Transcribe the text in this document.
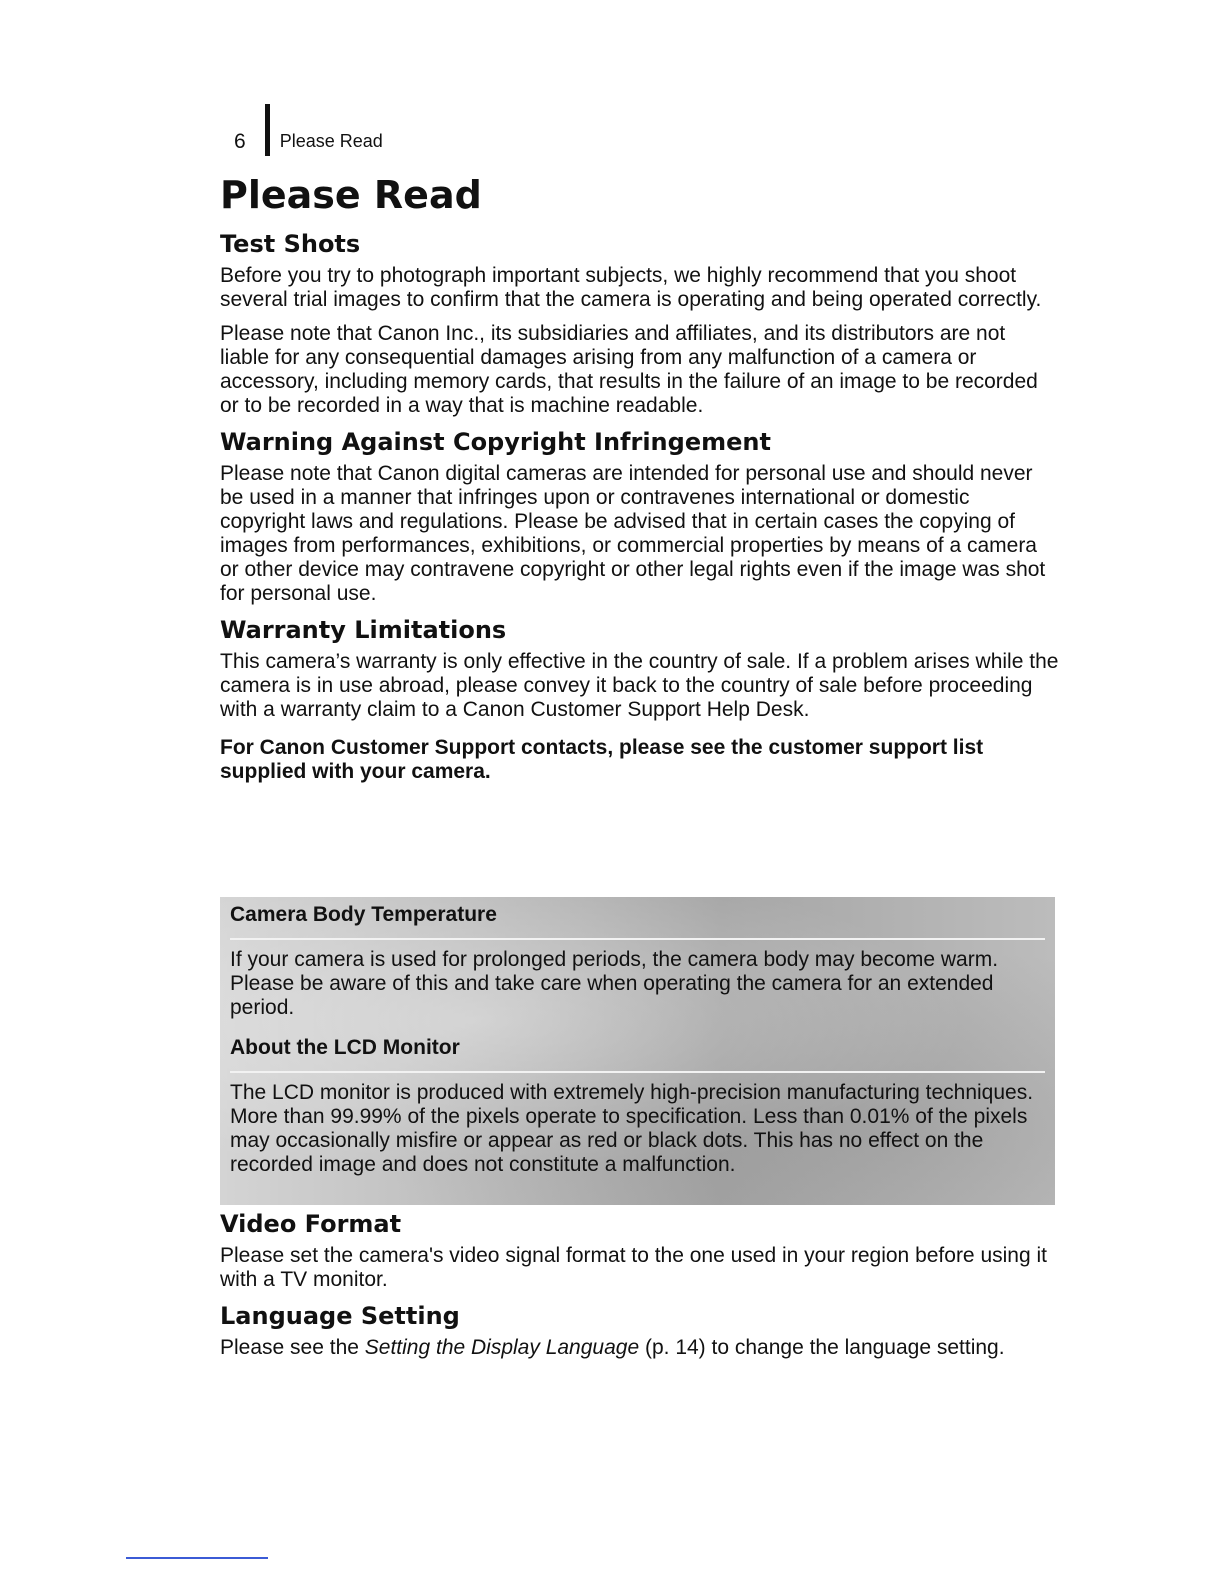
6 Please Read
Please Read
Test Shots

Before you try to photograph important subjects, we highly recommend that you shoot several trial images to confirm that the camera is operating and being operated correctly.

Please note that Canon Inc., its subsidiaries and affiliates, and its distributors are not liable for any consequential damages arising from any malfunction of a camera or accessory, including memory cards, that results in the failure of an image to be recorded or to be recorded in a way that is machine readable.

Warning Against Copyright Infringement

Please note that Canon digital cameras are intended for personal use and should never be used in a manner that infringes upon or contravenes international or domestic copyright laws and regulations. Please be advised that in certain cases the copying of images from performances, exhibitions, or commercial properties by means of a camera or other device may contravene copyright or other legal rights even if the image was shot for personal use.

Warranty Limitations

This camera’s warranty is only effective in the country of sale. If a problem arises while the camera is in use abroad, please convey it back to the country of sale before proceeding with a warranty claim to a Canon Customer Support Help Desk.

For Canon Customer Support contacts, please see the customer support list supplied with your camera.

Camera Body Temperature

If your camera is used for prolonged periods, the camera body may become warm. Please be aware of this and take care when operating the camera for an extended period.

About the LCD Monitor

The LCD monitor is produced with extremely high-precision manufacturing techniques. More than 99.99% of the pixels operate to specification. Less than 0.01% of the pixels may occasionally misfire or appear as red or black dots. This has no effect on the recorded image and does not constitute a malfunction.

Video Format

Please set the camera's video signal format to the one used in your region before using it with a TV monitor.

Language Setting

Please see the Setting the Display Language (p. 14) to change the language setting.
